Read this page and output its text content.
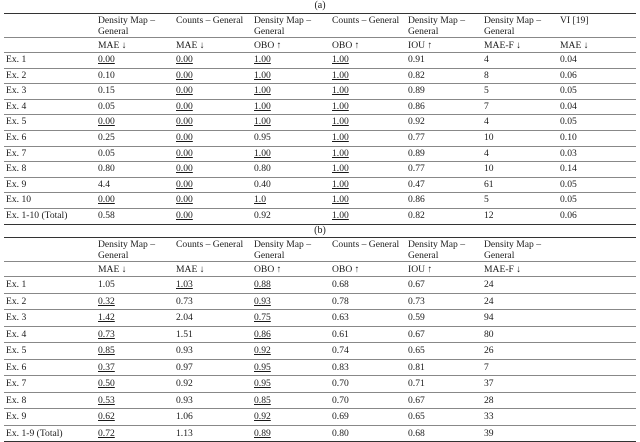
(a)
	Density Map – General	Counts – General	Density Map – General	Counts – General	Density Map – General	Density Map – General	VI [19]
	MAE ↓	MAE ↓	OBO ↑	OBO ↑	IOU ↑	MAE-F ↓	MAE ↓
Ex. 1	0.00	0.00	1.00	1.00	0.91	4	0.04
Ex. 2	0.10	0.00	1.00	1.00	0.82	8	0.06
Ex. 3	0.15	0.00	1.00	1.00	0.89	5	0.05
Ex. 4	0.05	0.00	1.00	1.00	0.86	7	0.04
Ex. 5	0.00	0.00	1.00	1.00	0.92	4	0.05
Ex. 6	0.25	0.00	0.95	1.00	0.77	10	0.10
Ex. 7	0.05	0.00	1.00	1.00	0.89	4	0.03
Ex. 8	0.80	0.00	0.80	1.00	0.77	10	0.14
Ex. 9	4.4	0.00	0.40	1.00	0.47	61	0.05
Ex. 10	0.00	0.00	1.0	1.00	0.86	5	0.05
Ex. 1-10 (Total)	0.58	0.00	0.92	1.00	0.82	12	0.06
(b)
	Density Map – General	Counts – General	Density Map – General	Counts – General	Density Map – General	Density Map – General	
	MAE ↓	MAE ↓	OBO ↑	OBO ↑	IOU ↑	MAE-F ↓	
Ex. 1	1.05	1.03	0.88	0.68	0.67	24	
Ex. 2	0.32	0.73	0.93	0.78	0.73	24	
Ex. 3	1.42	2.04	0.75	0.63	0.59	94	
Ex. 4	0.73	1.51	0.86	0.61	0.67	80	
Ex. 5	0.85	0.93	0.92	0.74	0.65	26	
Ex. 6	0.37	0.97	0.95	0.83	0.81	7	
Ex. 7	0.50	0.92	0.95	0.70	0.71	37	
Ex. 8	0.53	0.93	0.85	0.70	0.67	28	
Ex. 9	0.62	1.06	0.92	0.69	0.65	33	
Ex. 1-9 (Total)	0.72	1.13	0.89	0.80	0.68	39	
